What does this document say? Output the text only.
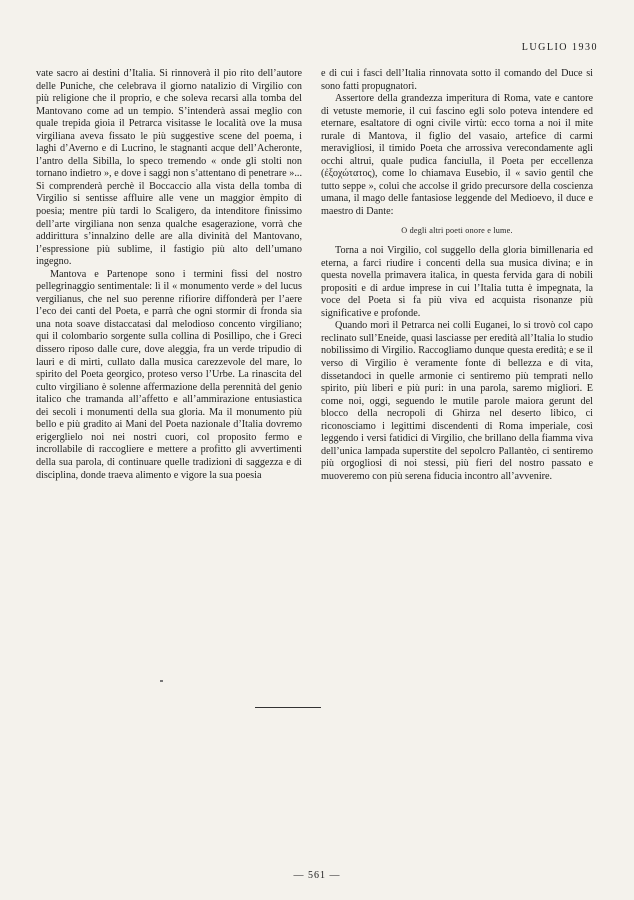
LUGLIO 1930

vate sacro ai destini d’Italia. Si rinnoverà il pio rito dell’autore delle Puniche, che celebrava il giorno natalizio di Virgilio con più religione che il proprio, e che soleva recarsi alla tomba del Mantovano come ad un tempio. S’intenderà assai meglio con quale trepida gioia il Petrarca visitasse le località ove la musa virgiliana aveva fissato le più suggestive scene del poema, i laghi d’Averno e di Lucrino, le stagnanti acque dell’Acheronte, l’antro della Sibilla, lo speco tremendo « onde gli stolti non tornano indietro », e dove i saggi non s’attentano di penetrare »... Si comprenderà perchè il Boccaccio alla vista della tomba di Virgilio si sentisse affluire alle vene un maggior èmpito di poesia; mentre più tardi lo Scaligero, da intenditore finissimo dell’arte virgiliana non senza qualche esagerazione, vorrà che addirittura s’innalzino delle are alla divinità del Mantovano, l’espressione più sublime, il fastigio più alto dell’umano ingegno.

Mantova e Partenope sono i termini fissi del nostro pellegrinaggio sentimentale: lì il « monumento verde » del lucus vergilianus, che nel suo perenne rifiorire diffonderà per l’aere l’eco dei canti del Poeta, e parrà che ogni stormir di fronda sia una nota soave distaccatasi dal melodioso concento virgiliano; qui il colombario sorgente sulla collina di Posillipo, che i Greci dissero riposo dalle cure, dove aleggia, fra un verde tripudio di lauri e di mirti, cullato dalla musica carezzevole del mare, lo spirito del Poeta georgico, proteso verso l’Urbe. La rinascita del culto virgiliano è solenne affermazione della perennità del genio italico che tramanda all’affetto e all’ammirazione entusiastica dei secoli i monumenti della sua gloria. Ma il monumento più bello e più gradito ai Mani del Poeta nazionale d’Italia dovremo erigerglielo noi nei nostri cuori, col proposito fermo e incrollabile di raccogliere e mettere a profitto gli avvertimenti della sua parola, di continuare quelle tradizioni di saggezza e di disciplina, donde traeva alimento e vigore la sua poesia

e di cui i fasci dell’Italia rinnovata sotto il comando del Duce si sono fatti propugnatori.

Assertore della grandezza imperitura di Roma, vate e cantore di vetuste memorie, il cui fascino egli solo poteva intendere ed eternare, esaltatore di ogni civile virtù: ecco torna a noi il mite rurale di Mantova, il figlio del vasaio, artefice di carmi meravigliosi, il timido Poeta che arrossiva verecondamente agli occhi altrui, quale pudica fanciulla, il Poeta per eccellenza (ἐξοχώτατος), come lo chiamava Eusebio, il « savio gentil che tutto seppe », colui che accolse il grido precursore della coscienza umana, il mago delle fantasiose leggende del Medioevo, il duce e maestro di Dante:

O degli altri poeti onore e lume.

Torna a noi Virgilio, col suggello della gloria bimillenaria ed eterna, a farci riudire i concenti della sua musica divina; e in questa novella primavera italica, in questa fervida gara di nobili propositi e di ardue imprese in cui l’Italia tutta è impegnata, la voce del Poeta si fa più viva ed acquista risonanze più significative e profonde.

Quando morì il Petrarca nei colli Euganei, lo si trovò col capo reclinato sull’Eneide, quasi lasciasse per eredità all’Italia lo studio nobilissimo di Virgilio. Raccogliamo dunque questa eredità; e se il verso di Virgilio è veramente fonte di bellezza e di vita, dissetandoci in quelle armonie ci sentiremo più temprati nello spirito, più liberi e più puri: in una parola, saremo migliori. E come noi, oggi, seguendo le mutile parole maiora gerunt del blocco della necropoli di Ghirza nel deserto libico, ci riconosciamo i legittimi discendenti di Roma imperiale, così leggendo i versi fatidici di Virgilio, che brillano della fiamma viva dell’unica lampada superstite del sepolcro Pallantèo, ci sentiremo più orgogliosi di noi stessi, più fieri del nostro passato e muoveremo con più serena fiducia incontro all’avvenire.

— 561 —
